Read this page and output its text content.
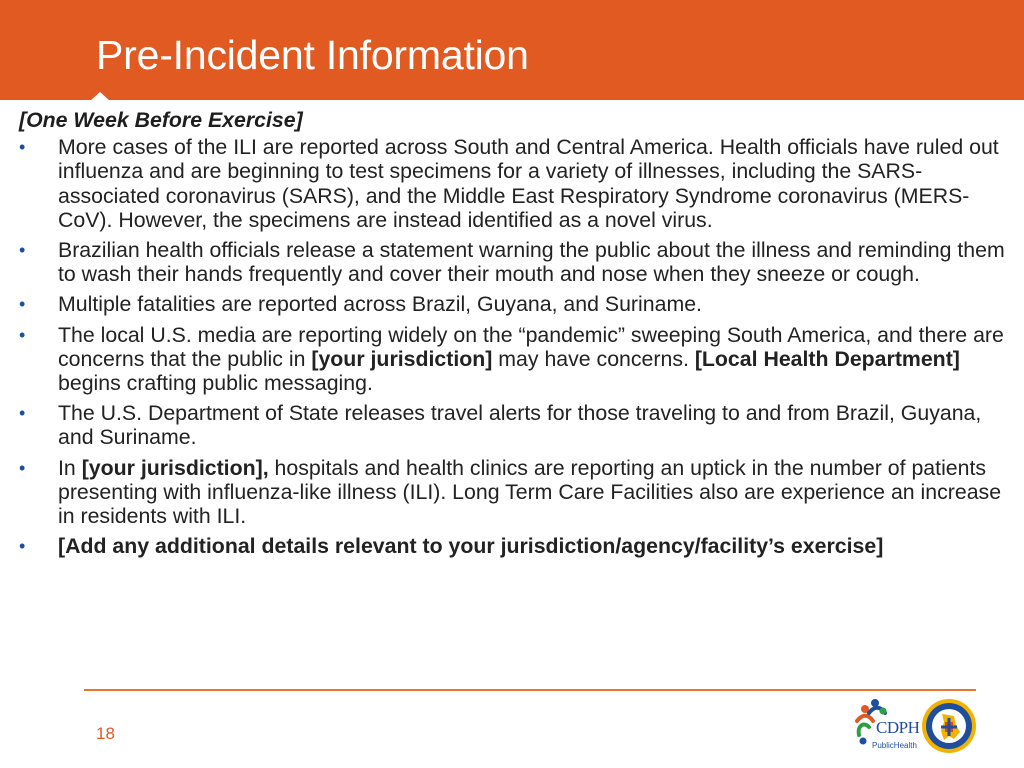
Pre-Incident Information
[One Week Before Exercise]
• More cases of the ILI are reported across South and Central America. Health officials have ruled out influenza and are beginning to test specimens for a variety of illnesses, including the SARS-associated coronavirus (SARS), and the Middle East Respiratory Syndrome coronavirus (MERS-CoV). However, the specimens are instead identified as a novel virus.
• Brazilian health officials release a statement warning the public about the illness and reminding them to wash their hands frequently and cover their mouth and nose when they sneeze or cough.
• Multiple fatalities are reported across Brazil, Guyana, and Suriname.
• The local U.S. media are reporting widely on the “pandemic” sweeping South America, and there are concerns that the public in [your jurisdiction] may have concerns. [Local Health Department] begins crafting public messaging.
• The U.S. Department of State releases travel alerts for those traveling to and from Brazil, Guyana, and Suriname.
• In [your jurisdiction], hospitals and health clinics are reporting an uptick in the number of patients presenting with influenza-like illness (ILI). Long Term Care Facilities also are experience an increase in residents with ILI.
• [Add any additional details relevant to your jurisdiction/agency/facility’s exercise]
18	CDPH
PublicHealth
